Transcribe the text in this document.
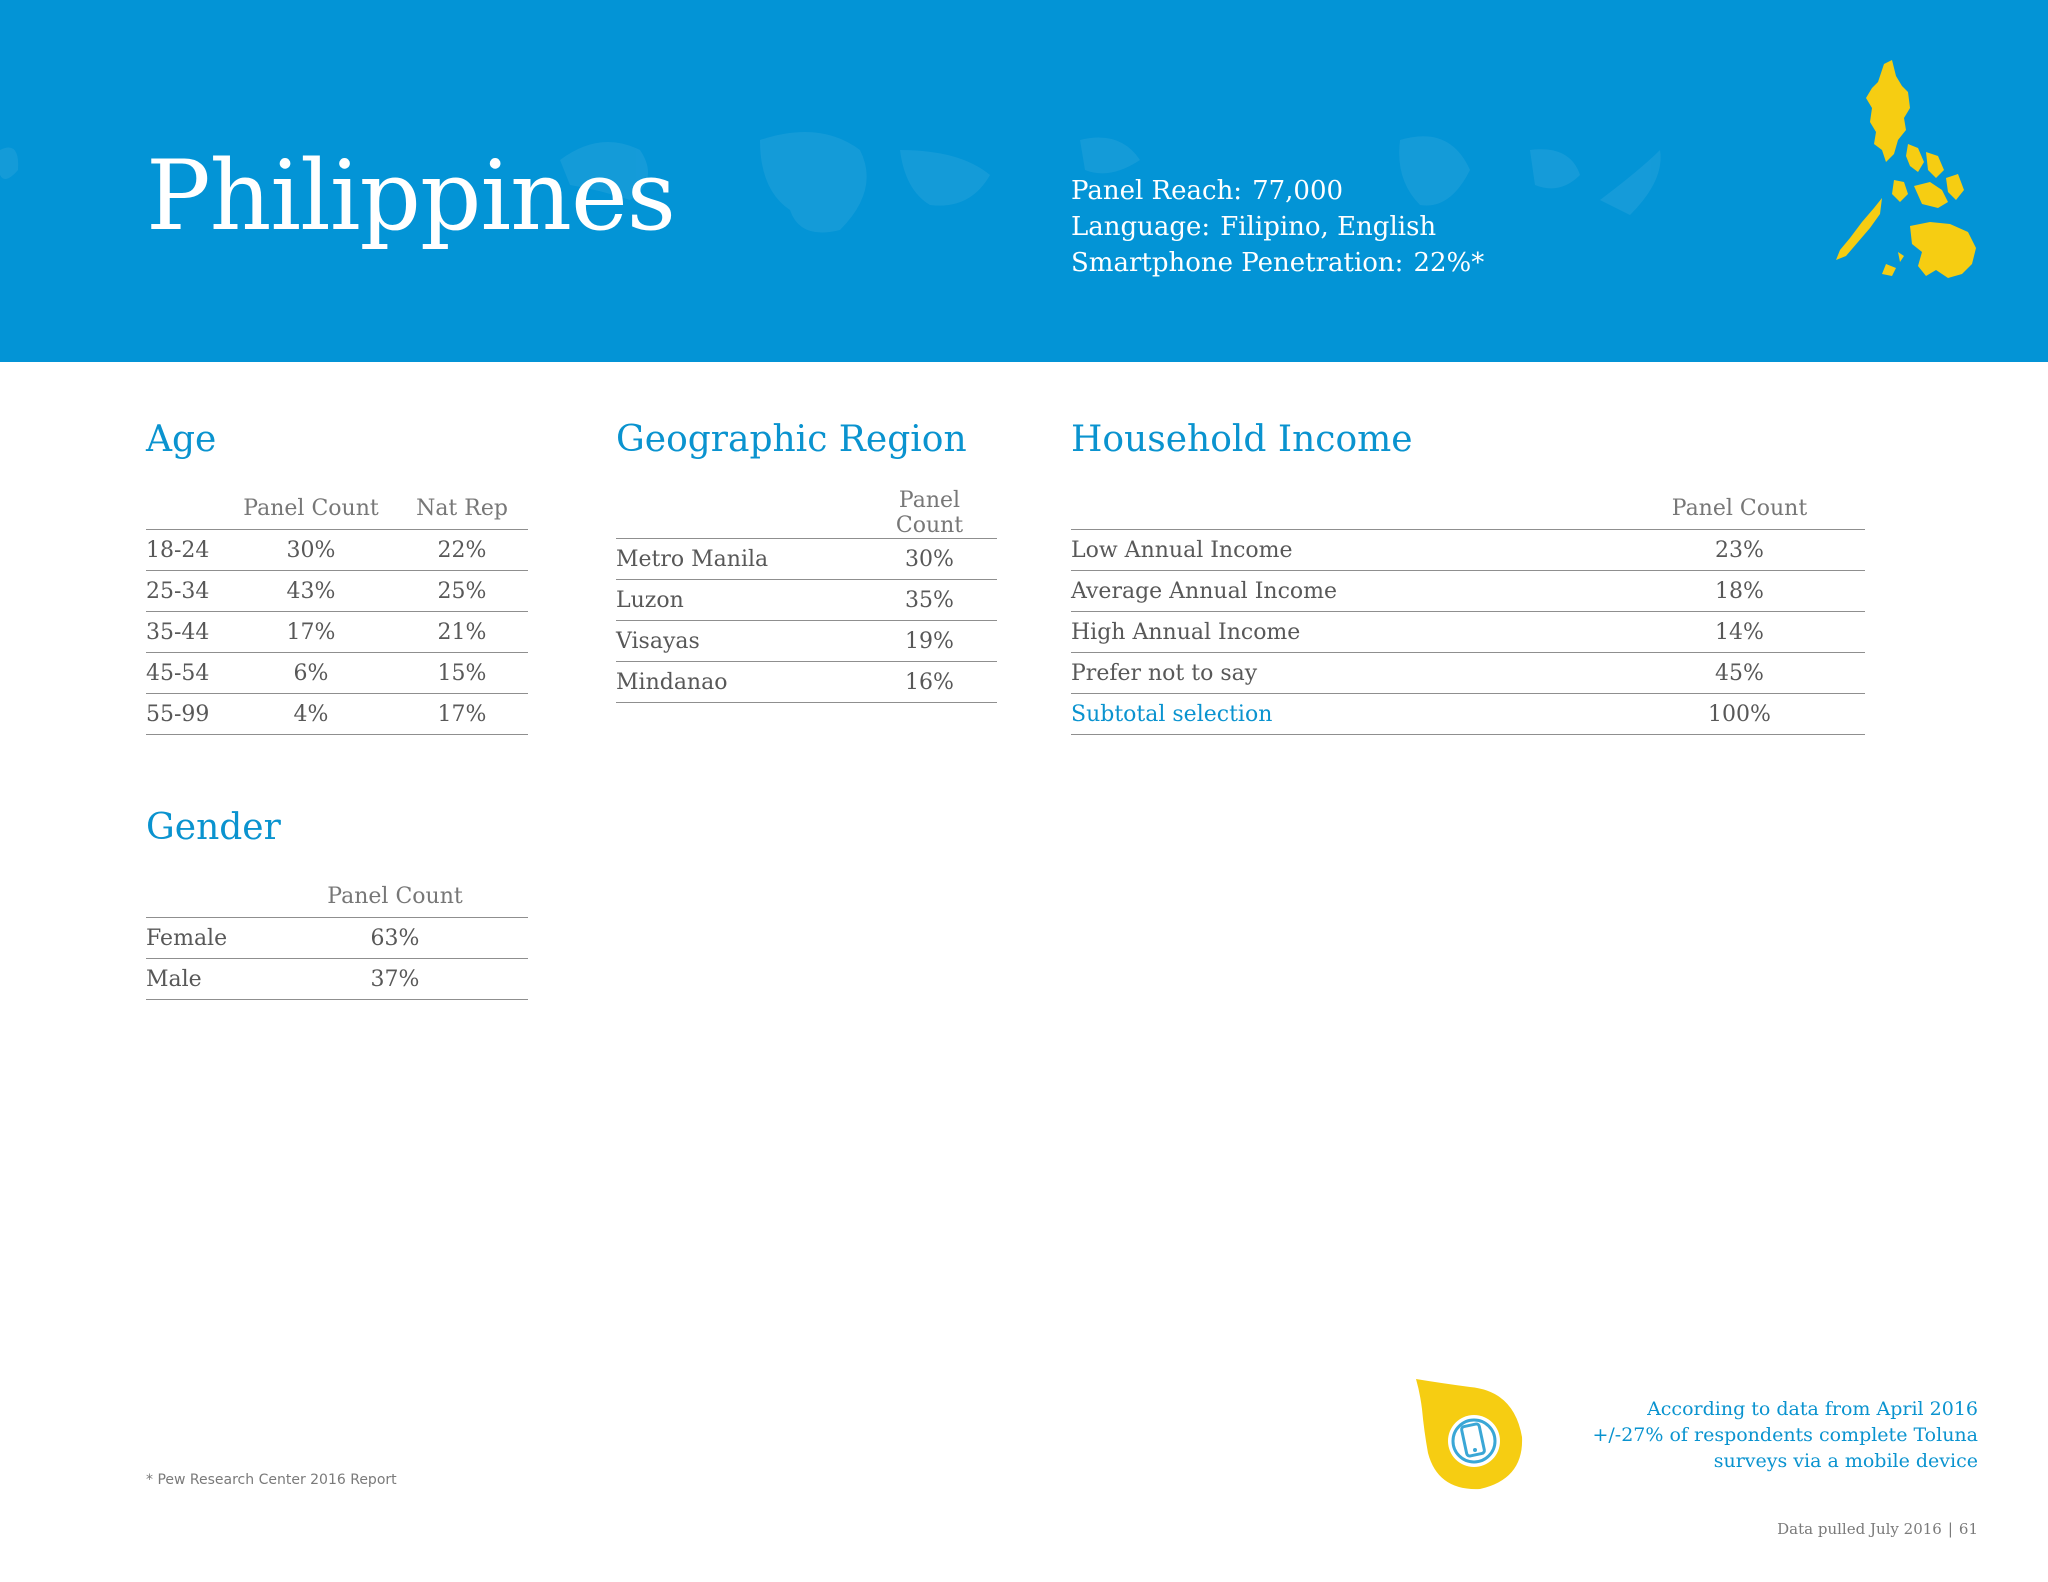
Philippines	Panel Reach: 77,000
Language: Filipino, English
Smartphone Penetration: 22%*
Age
	Panel Count	Nat Rep
18-24	30%	22%
25-34	43%	25%
35-44	17%	21%
45-54	6%	15%
55-99	4%	17%
Geographic Region
	Panel Count
Metro Manila	30%
Luzon	35%
Visayas	19%
Mindanao	16%
Household Income
	Panel Count
Low Annual Income	23%
Average Annual Income	18%
High Annual Income	14%
Prefer not to say	45%
Subtotal selection	100%
Gender
	Panel Count	
Female	63%	
Male	37%	
* Pew Research Center 2016 Report
According to data from April 2016
+/-27% of respondents complete Toluna
surveys via a mobile device
Data pulled July 2016 | 61
